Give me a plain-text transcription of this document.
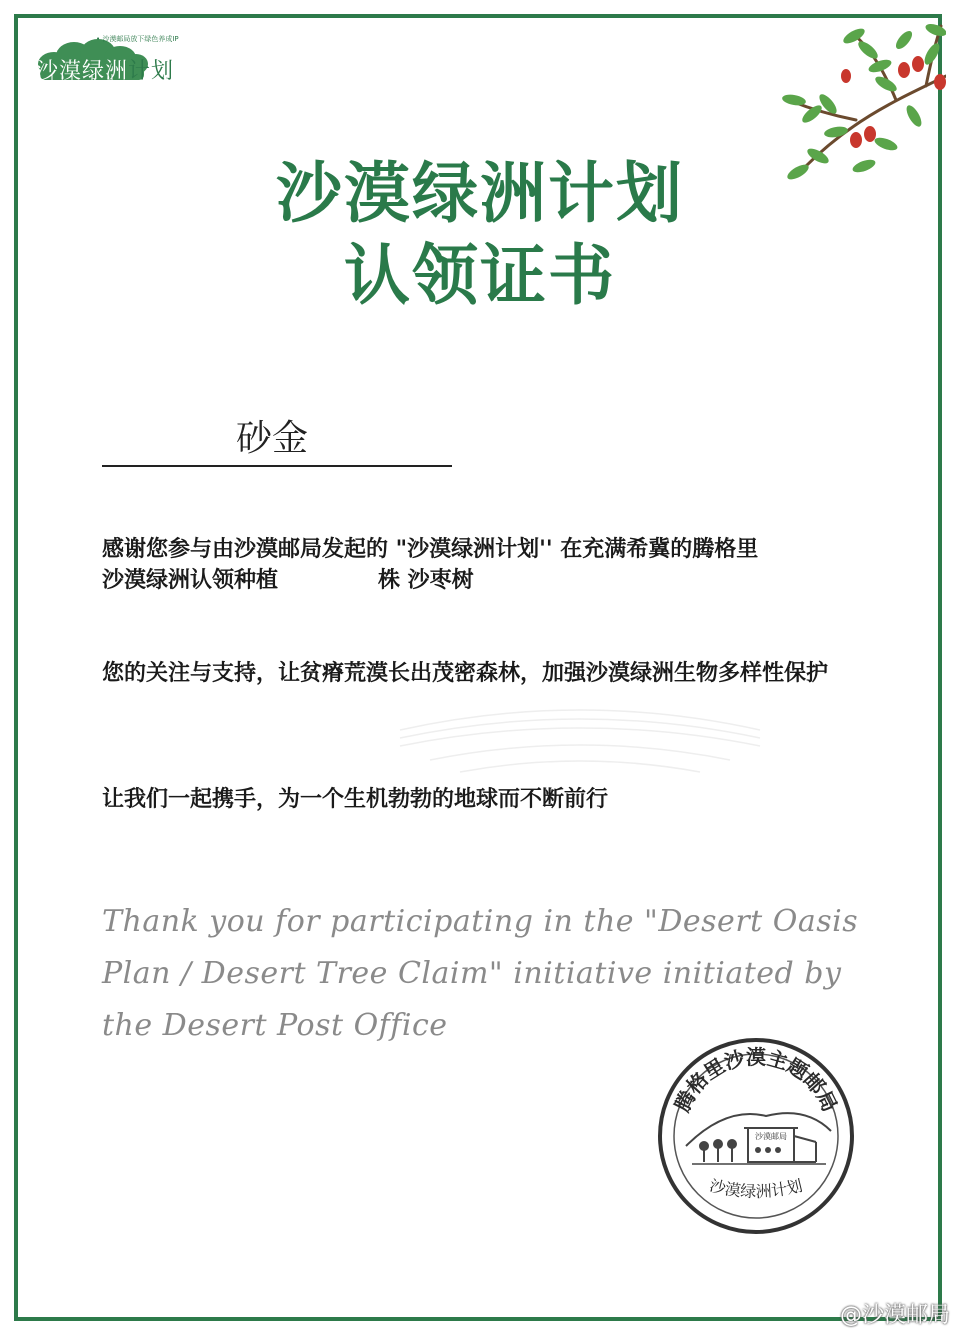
• 沙漠邮局放下绿色养成IP
沙漠绿洲计划
沙漠绿洲计划
认领证书
砂金
感谢您参与由沙漠邮局发起的 "沙漠绿洲计划'' 在充满希冀的腾格里
沙漠绿洲认领种植	株 沙枣树
您的关注与支持，让贫瘠荒漠长出茂密森林，加强沙漠绿洲生物多样性保护
让我们一起携手，为一个生机勃勃的地球而不断前行
Thank you for participating in the "Desert Oasis Plan / Desert Tree Claim" initiative initiated by the Desert Post Office
腾格里沙漠主题邮局
沙漠邮局
沙漠绿洲计划
@沙漠邮局
